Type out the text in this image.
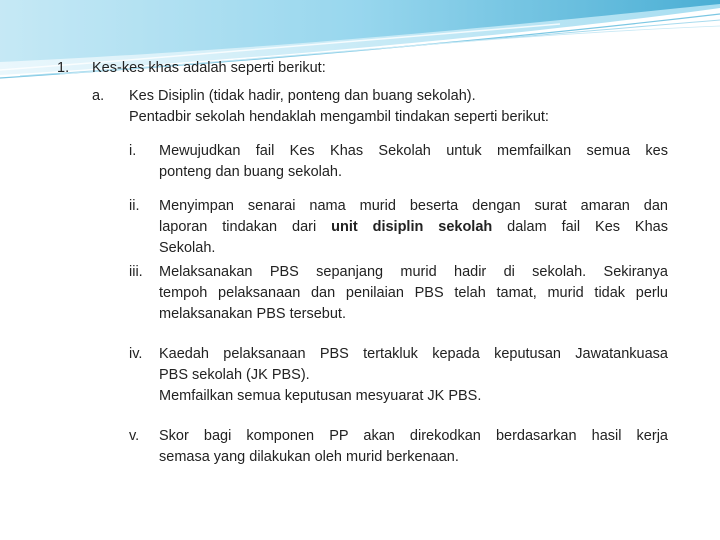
1. Kes-kes khas adalah seperti berikut:
a. Kes Disiplin (tidak hadir, ponteng dan buang sekolah).
Pentadbir sekolah hendaklah mengambil tindakan seperti berikut:
i. Mewujudkan fail Kes Khas Sekolah untuk memfailkan semua kes
ponteng dan buang sekolah.
ii. Menyimpan senarai nama murid beserta dengan surat amaran dan
laporan tindakan dari unit disiplin sekolah dalam fail Kes Khas
Sekolah.
iii. Melaksanakan PBS sepanjang murid hadir di sekolah. Sekiranya
tempoh pelaksanaan dan penilaian PBS telah tamat, murid tidak perlu
melaksanakan PBS tersebut.
iv. Kaedah pelaksanaan PBS tertakluk kepada keputusan Jawatankuasa
PBS sekolah (JK PBS).
Memfailkan semua keputusan mesyuarat JK PBS.
v. Skor bagi komponen PP akan direkodkan berdasarkan hasil kerja
semasa yang dilakukan oleh murid berkenaan.
